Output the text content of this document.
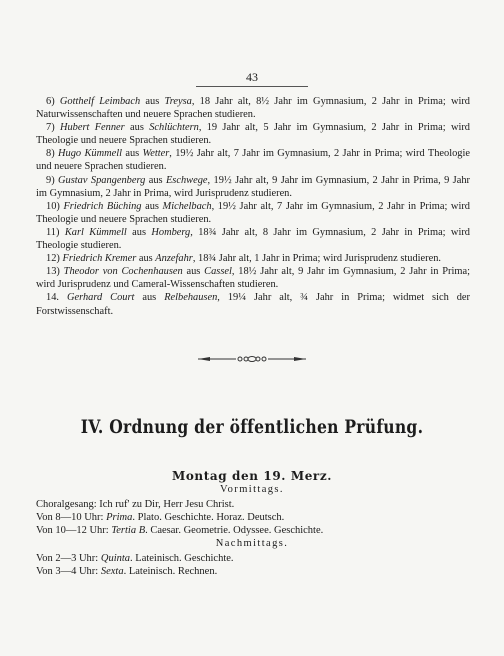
43

6) Gotthelf Leimbach aus Treysa, 18 Jahr alt, 8½ Jahr im Gymnasium, 2 Jahr in Prima; wird Naturwissenschaften und neuere Sprachen studieren.

7) Hubert Fenner aus Schlüchtern, 19 Jahr alt, 5 Jahr im Gymnasium, 2 Jahr in Prima; wird Theologie und neuere Sprachen studieren.

8) Hugo Kümmell aus Wetter, 19½ Jahr alt, 7 Jahr im Gymnasium, 2 Jahr in Prima; wird Theologie und neuere Sprachen studieren.

9) Gustav Spangenberg aus Eschwege, 19½ Jahr alt, 9 Jahr im Gymnasium, 2 Jahr in Prima, 9 Jahr im Gymnasium, 2 Jahr in Prima, wird Jurisprudenz studieren.

10) Friedrich Büching aus Michelbach, 19½ Jahr alt, 7 Jahr im Gymnasium, 2 Jahr in Prima; wird Theologie und neuere Sprachen studieren.

11) Karl Kümmell aus Homberg, 18¾ Jahr alt, 8 Jahr im Gymnasium, 2 Jahr in Prima; wird Theologie studieren.

12) Friedrich Kremer aus Anzefahr, 18¾ Jahr alt, 1 Jahr in Prima; wird Jurisprudenz studieren.

13) Theodor von Cochenhausen aus Cassel, 18½ Jahr alt, 9 Jahr im Gymnasium, 2 Jahr in Prima; wird Jurisprudenz und Cameral-Wissenschaften studieren.

14. Gerhard Court aus Relbehausen, 19¼ Jahr alt, ¾ Jahr in Prima; widmet sich der Forstwissenschaft.

IV. Ordnung der öffentlichen Prüfung.
Montag den 19. Merz.
Vormittags.
Choralgesang: Ich ruf' zu Dir, Herr Jesu Christ.
Von 8—10 Uhr: Prima. Plato. Geschichte. Horaz. Deutsch.
Von 10—12 Uhr: Tertia B. Caesar. Geometrie. Odyssee. Geschichte.
Nachmittags.
Von 2—3 Uhr: Quinta. Lateinisch. Geschichte.
Von 3—4 Uhr: Sexta. Lateinisch. Rechnen.
